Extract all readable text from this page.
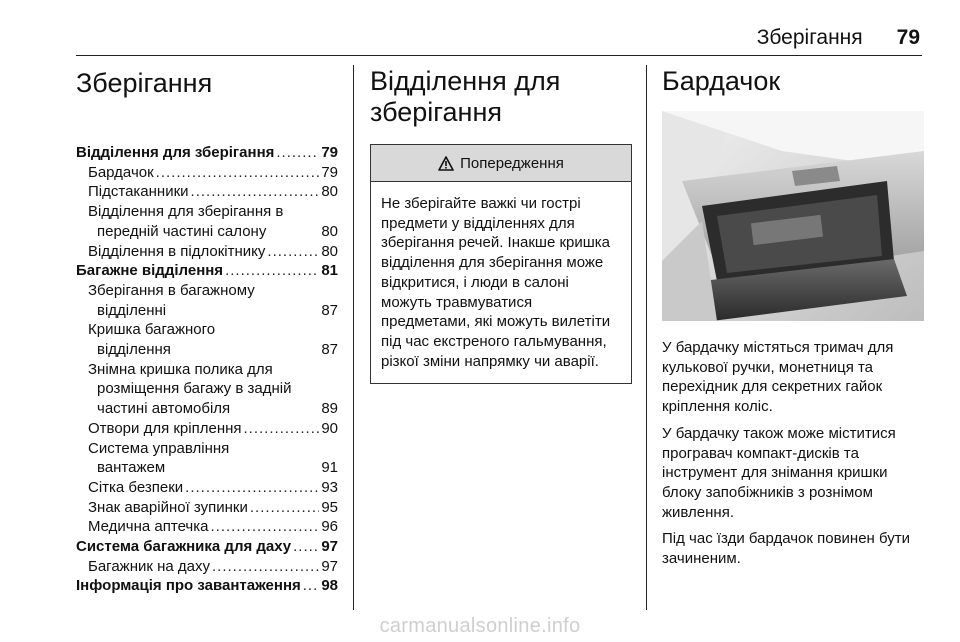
Зберігання 79
Зберігання
Відділення для зберігання .....	79
Бардачок .....	79
Підстаканники .....	80
Відділення для зберігання в
передній частині салону	80
Відділення в підлокітнику .....	80
Багажне відділення .....	81
Зберігання в багажному
відділенні	87
Кришка багажного
відділення	87
Знімна кришка полика для
розміщення багажу в задній
частині автомобіля	89
Отвори для кріплення .....	90
Система управління
вантажем	91
Сітка безпеки .....	93
Знак аварійної зупинки .....	95
Медична аптечка .....	96
Система багажника для даху ..... 97
Багажник на даху .....	97
Інформація про завантаження ..... 98
Відділення для
зберігання
Попередження
Не зберігайте важкі чи гострі предмети у відділеннях для зберігання речей. Інакше кришка відділення для зберігання може відкритися, і люди в салоні можуть травмуватися предметами, які можуть вилетіти під час екстреного гальмування, різкої зміни напрямку чи аварії.
Бардачок

У бардачку містяться тримач для кулькової ручки, монетниця та перехідник для секретних гайок кріплення коліс.

У бардачку також може міститися програвач компакт-дисків та інструмент для знімання кришки блоку запобіжників з рознімом живлення.

Під час їзди бардачок повинен бути зачиненим.

carmanualsonline.info
